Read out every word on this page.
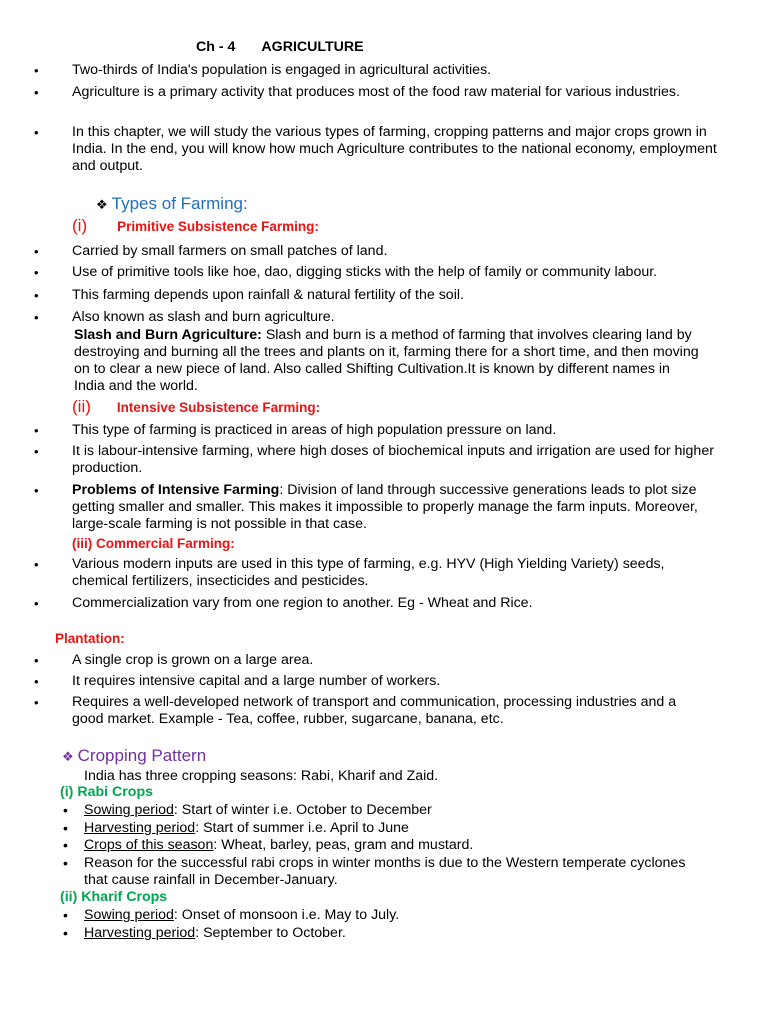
Ch - 4 AGRICULTURE
• Two-thirds of India's population is engaged in agricultural activities.
• Agriculture is a primary activity that produces most of the food raw material for various industries.
• In this chapter, we will study the various types of farming, cropping patterns and major crops grown in India. In the end, you will know how much Agriculture contributes to the national economy, employment and output.
❖ Types of Farming:
(i) Primitive Subsistence Farming:
• Carried by small farmers on small patches of land.
• Use of primitive tools like hoe, dao, digging sticks with the help of family or community labour.
• This farming depends upon rainfall & natural fertility of the soil.
• Also known as slash and burn agriculture.
Slash and Burn Agriculture: Slash and burn is a method of farming that involves clearing land by destroying and burning all the trees and plants on it, farming there for a short time, and then moving on to clear a new piece of land. Also called Shifting Cultivation.It is known by different names in India and the world.
(ii) Intensive Subsistence Farming:
• This type of farming is practiced in areas of high population pressure on land.
• It is labour-intensive farming, where high doses of biochemical inputs and irrigation are used for higher production.
• Problems of Intensive Farming: Division of land through successive generations leads to plot size getting smaller and smaller. This makes it impossible to properly manage the farm inputs. Moreover, large-scale farming is not possible in that case.
(iii) Commercial Farming:
• Various modern inputs are used in this type of farming, e.g. HYV (High Yielding Variety) seeds, chemical fertilizers, insecticides and pesticides.
• Commercialization vary from one region to another. Eg - Wheat and Rice.
Plantation:
• A single crop is grown on a large area.
• It requires intensive capital and a large number of workers.
• Requires a well-developed network of transport and communication, processing industries and a good market. Example - Tea, coffee, rubber, sugarcane, banana, etc.
❖ Cropping Pattern
India has three cropping seasons: Rabi, Kharif and Zaid.
(i) Rabi Crops
• Sowing period: Start of winter i.e. October to December
• Harvesting period: Start of summer i.e. April to June
• Crops of this season: Wheat, barley, peas, gram and mustard.
• Reason for the successful rabi crops in winter months is due to the Western temperate cyclones that cause rainfall in December-January.
(ii) Kharif Crops
• Sowing period: Onset of monsoon i.e. May to July.
• Harvesting period: September to October.
